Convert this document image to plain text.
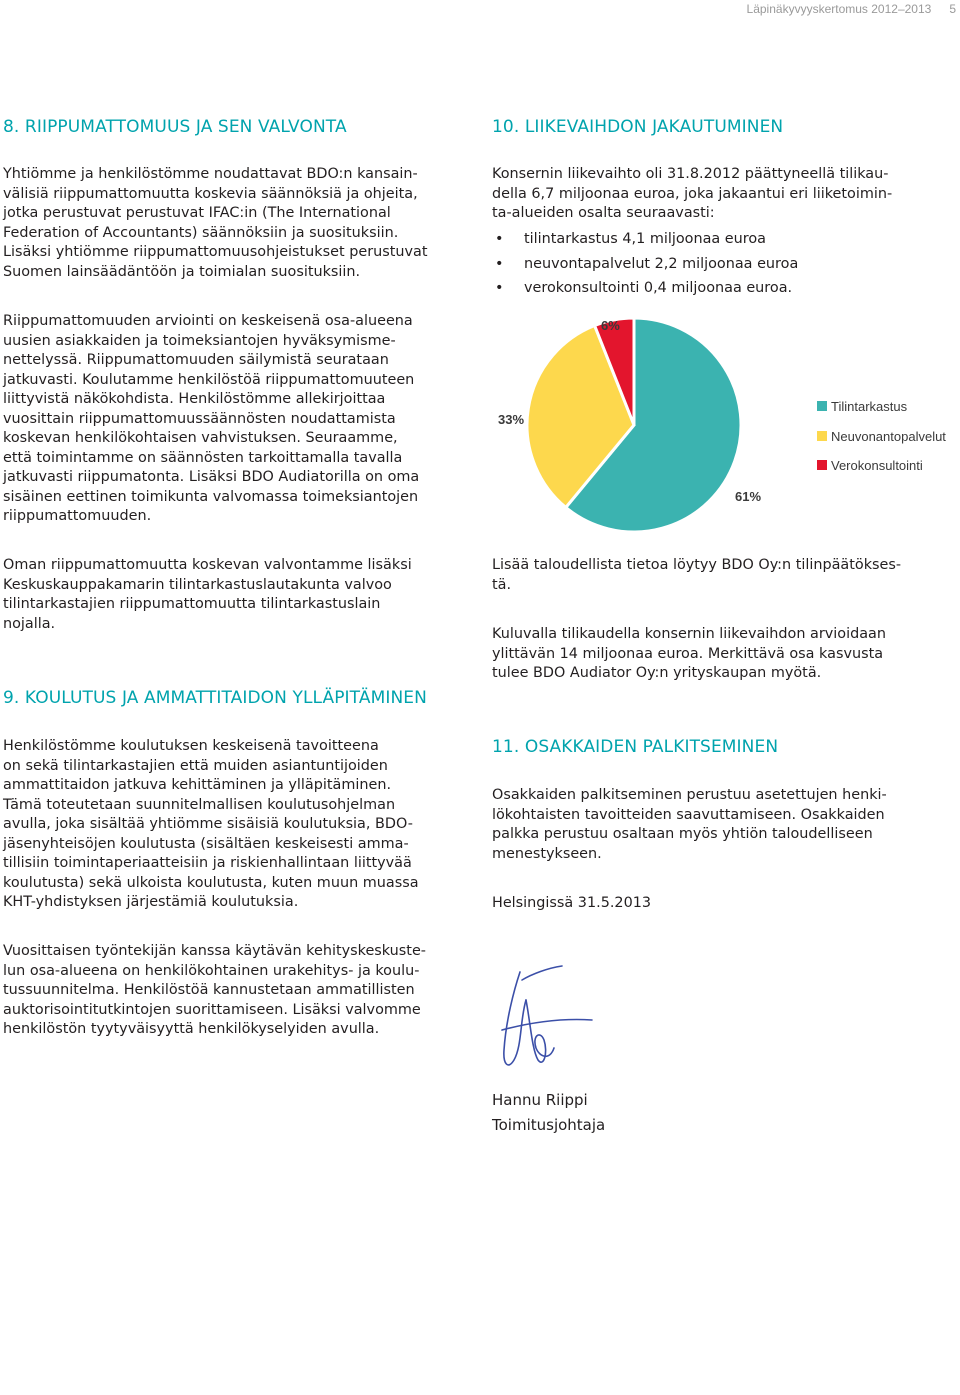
Läpinäkyvyyskertomus 2012–2013 5
8. RIIPPUMATTOMUUS JA SEN VALVONTA

Yhtiömme ja henkilöstömme noudattavat BDO:n kansain-
välisiä riippumattomuutta koskevia säännöksiä ja ohjeita,
jotka perustuvat perustuvat IFAC:in (The International
Federation of Accountants) säännöksiin ja suosituksiin.
Lisäksi yhtiömme riippumattomuusohjeistukset perustuvat
Suomen lainsäädäntöön ja toimialan suosituksiin.

Riippumattomuuden arviointi on keskeisenä osa-alueena
uusien asiakkaiden ja toimeksiantojen hyväksymisme-
nettelyssä. Riippumattomuuden säilymistä seurataan
jatkuvasti. Koulutamme henkilöstöä riippumattomuuteen
liittyvistä näkökohdista. Henkilöstömme allekirjoittaa
vuosittain riippumattomuussäännösten noudattamista
koskevan henkilökohtaisen vahvistuksen. Seuraamme,
että toimintamme on säännösten tarkoittamalla tavalla
jatkuvasti riippumatonta. Lisäksi BDO Audiatorilla on oma
sisäinen eettinen toimikunta valvomassa toimeksiantojen
riippumattomuuden.

Oman riippumattomuutta koskevan valvontamme lisäksi
Keskuskauppakamarin tilintarkastuslautakunta valvoo
tilintarkastajien riippumattomuutta tilintarkastuslain
nojalla.

9. KOULUTUS JA AMMATTITAIDON YLLÄPITÄMINEN

Henkilöstömme koulutuksen keskeisenä tavoitteena
on sekä tilintarkastajien että muiden asiantuntijoiden
ammattitaidon jatkuva kehittäminen ja ylläpitäminen.
Tämä toteutetaan suunnitelmallisen koulutusohjelman
avulla, joka sisältää yhtiömme sisäisiä koulutuksia, BDO-
jäsenyhteisöjen koulutusta (sisältäen keskeisesti amma-
tillisiin toimintaperiaatteisiin ja riskienhallintaan liittyvää
koulutusta) sekä ulkoista koulutusta, kuten muun muassa
KHT-yhdistyksen järjestämiä koulutuksia.

Vuosittaisen työntekijän kanssa käytävän kehityskeskuste-
lun osa-alueena on henkilökohtainen urakehitys- ja koulu-
tussuunnitelma. Henkilöstöä kannustetaan ammatillisten
auktorisointitutkintojen suorittamiseen. Lisäksi valvomme
henkilöstön tyytyväisyyttä henkilökyselyiden avulla.

10. LIIKEVAIHDON JAKAUTUMINEN

Konsernin liikevaihto oli 31.8.2012 päättyneellä tilikau-
della 6,7 miljoonaa euroa, joka jakaantui eri liiketoimin-
ta-alueiden osalta seuraavasti:

• tilintarkastus 4,1 miljoonaa euroa
• neuvontapalvelut 2,2 miljoonaa euroa
• verokonsultointi 0,4 miljoonaa euroa.
6%
33%
61%
Tilintarkastus
Neuvonantopalvelut
Verokonsultointi

Lisää taloudellista tietoa löytyy BDO Oy:n tilinpäätökses-
tä.

Kuluvalla tilikaudella konsernin liikevaihdon arvioidaan
ylittävän 14 miljoonaa euroa. Merkittävä osa kasvusta
tulee BDO Audiator Oy:n yrityskaupan myötä.

11. OSAKKAIDEN PALKITSEMINEN

Osakkaiden palkitseminen perustuu asetettujen henki-
lökohtaisten tavoitteiden saavuttamiseen. Osakkaiden
palkka perustuu osaltaan myös yhtiön taloudelliseen
menestykseen.

Helsingissä 31.5.2013

Hannu Riippi
Toimitusjohtaja
